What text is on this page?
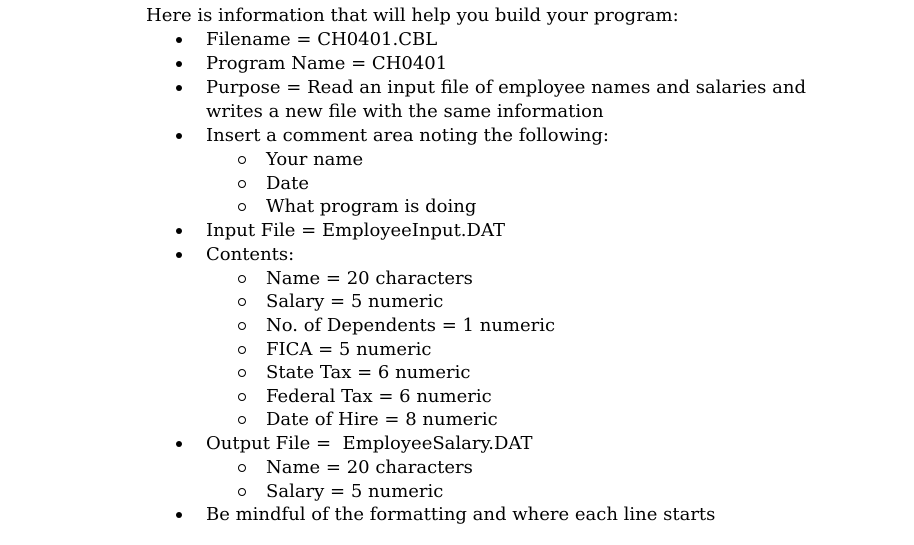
Here is information that will help you build your program:

Filename = CH0401.CBL
Program Name = CH0401
Purpose = Read an input file of employee names and salaries and writes a new file with the same information
Insert a comment area noting the following:
Your name
Date
What program is doing
Input File = EmployeeInput.DAT
Contents:
Name = 20 characters
Salary = 5 numeric
No. of Dependents = 1 numeric
FICA = 5 numeric
State Tax = 6 numeric
Federal Tax = 6 numeric
Date of Hire = 8 numeric
Output File =  EmployeeSalary.DAT
Name = 20 characters
Salary = 5 numeric
Be mindful of the formatting and where each line starts
